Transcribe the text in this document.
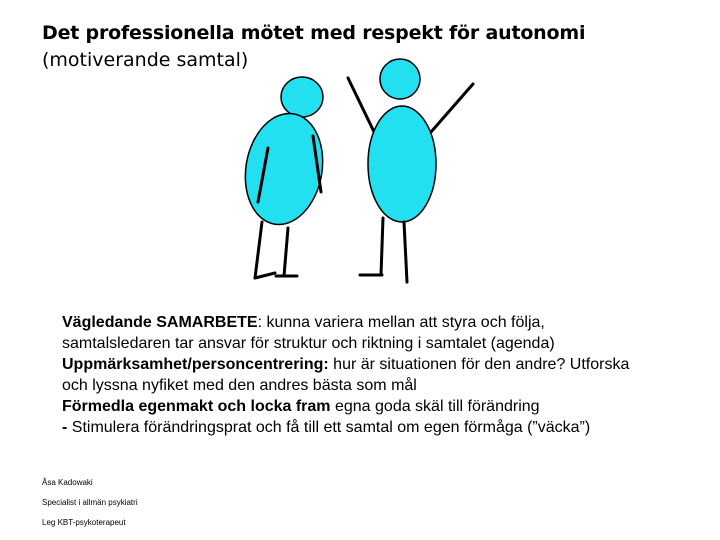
Det professionella mötet med respekt för autonomi
(motiverande samtal)

Vägledande SAMARBETE: kunna variera mellan att styra och följa,

samtalsledaren tar ansvar för struktur och riktning i samtalet (agenda)

Uppmärksamhet/personcentrering: hur är situationen för den andre? Utforska

och lyssna nyfiket med den andres bästa som mål

Förmedla egenmakt och locka fram egna goda skäl till förändring

- Stimulera förändringsprat och få till ett samtal om egen förmåga (”väcka”)

Åsa Kadowaki
Specialist i allmän psykiatri
Leg KBT-psykoterapeut
